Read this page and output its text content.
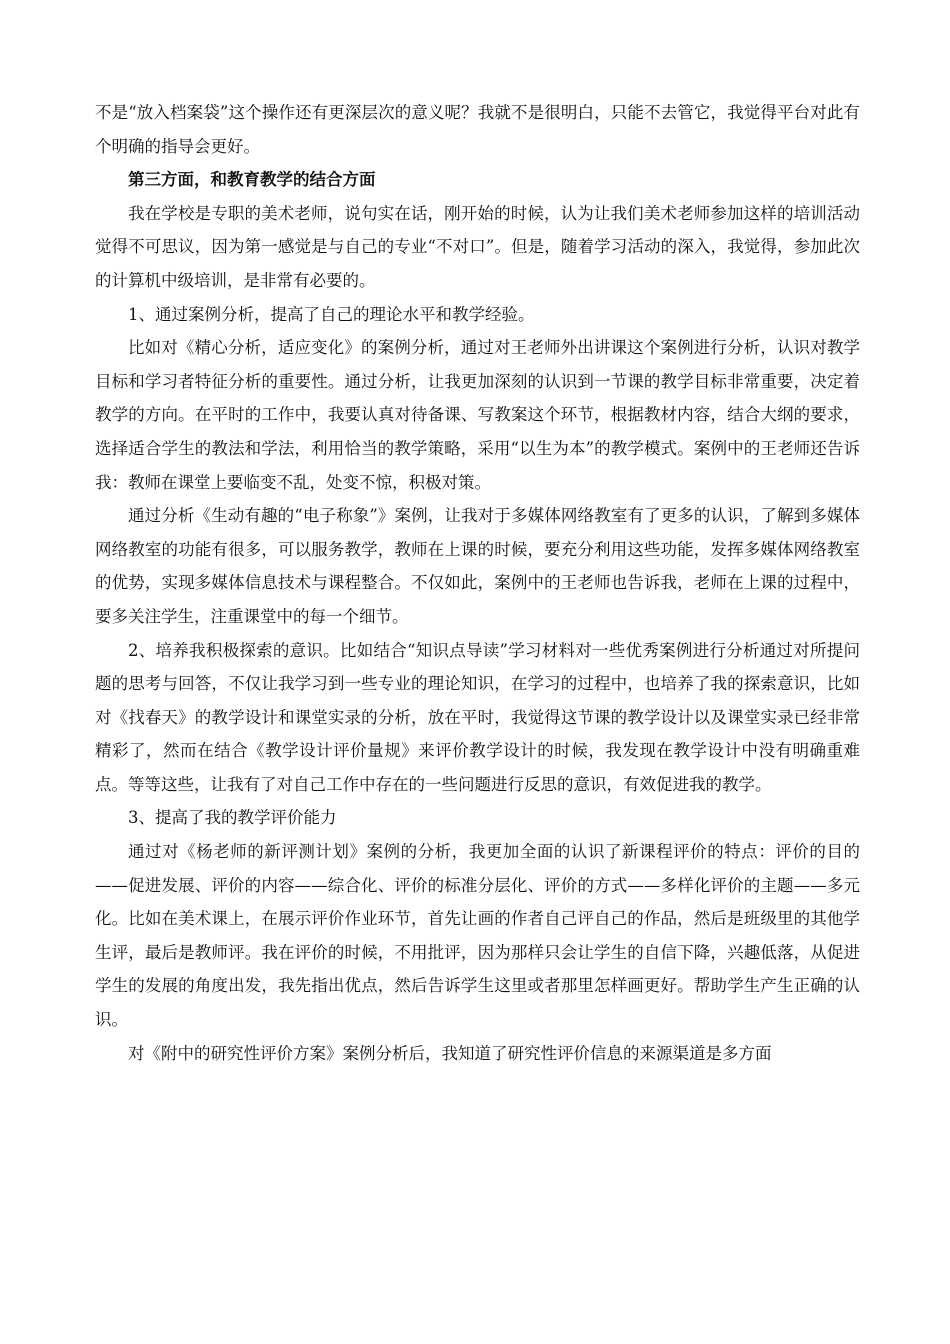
不是“放入档案袋”这个操作还有更深层次的意义呢？我就不是很明白，只能不去管它，我觉得平台对此有个明确的指导会更好。

第三方面，和教育教学的结合方面

我在学校是专职的美术老师，说句实在话，刚开始的时候，认为让我们美术老师参加这样的培训活动觉得不可思议，因为第一感觉是与自己的专业“不对口”。但是，随着学习活动的深入，我觉得，参加此次的计算机中级培训，是非常有必要的。

1、通过案例分析，提高了自己的理论水平和教学经验。

比如对《精心分析，适应变化》的案例分析，通过对王老师外出讲课这个案例进行分析，认识对教学目标和学习者特征分析的重要性。通过分析，让我更加深刻的认识到一节课的教学目标非常重要，决定着教学的方向。在平时的工作中，我要认真对待备课、写教案这个环节，根据教材内容，结合大纲的要求，选择适合学生的教法和学法，利用恰当的教学策略，采用“以生为本”的教学模式。案例中的王老师还告诉我：教师在课堂上要临变不乱，处变不惊，积极对策。

通过分析《生动有趣的“电子称象”》案例，让我对于多媒体网络教室有了更多的认识，了解到多媒体网络教室的功能有很多，可以服务教学，教师在上课的时候，要充分利用这些功能，发挥多媒体网络教室的优势，实现多媒体信息技术与课程整合。不仅如此，案例中的王老师也告诉我，老师在上课的过程中，要多关注学生，注重课堂中的每一个细节。

2、培养我积极探索的意识。比如结合“知识点导读”学习材料对一些优秀案例进行分析通过对所提问题的思考与回答，不仅让我学习到一些专业的理论知识，在学习的过程中，也培养了我的探索意识，比如对《找春天》的教学设计和课堂实录的分析，放在平时，我觉得这节课的教学设计以及课堂实录已经非常精彩了，然而在结合《教学设计评价量规》来评价教学设计的时候，我发现在教学设计中没有明确重难点。等等这些，让我有了对自己工作中存在的一些问题进行反思的意识，有效促进我的教学。

3、提高了我的教学评价能力

通过对《杨老师的新评测计划》案例的分析，我更加全面的认识了新课程评价的特点：评价的目的——促进发展、评价的内容——综合化、评价的标准分层化、评价的方式——多样化评价的主题——多元化。比如在美术课上，在展示评价作业环节，首先让画的作者自己评自己的作品，然后是班级里的其他学生评，最后是教师评。我在评价的时候，不用批评，因为那样只会让学生的自信下降，兴趣低落，从促进学生的发展的角度出发，我先指出优点，然后告诉学生这里或者那里怎样画更好。帮助学生产生正确的认识。

对《附中的研究性评价方案》案例分析后，我知道了研究性评价信息的来源渠道是多方面
